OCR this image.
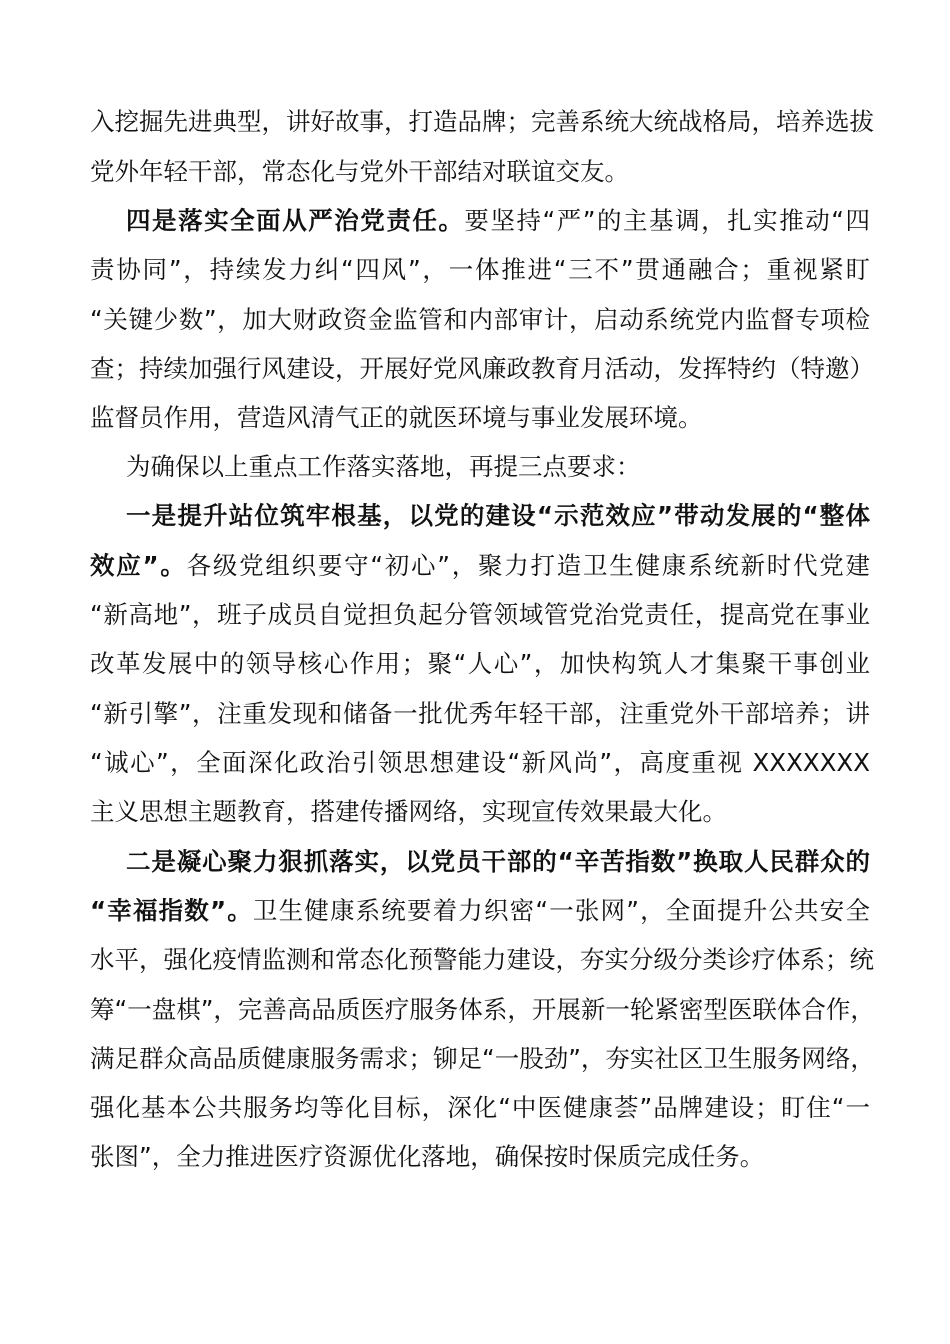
入挖掘先进典型，讲好故事，打造品牌；完善系统大统战格局，培养选拔
党外年轻干部，常态化与党外干部结对联谊交友。
四是落实全面从严治党责任。要坚持“严”的主基调，扎实推动“四
责协同”，持续发力纠“四风”，一体推进“三不”贯通融合；重视紧盯
“关键少数”，加大财政资金监管和内部审计，启动系统党内监督专项检
查；持续加强行风建设，开展好党风廉政教育月活动，发挥特约（特邀）
监督员作用，营造风清气正的就医环境与事业发展环境。
为确保以上重点工作落实落地，再提三点要求：
一是提升站位筑牢根基，以党的建设“示范效应”带动发展的“整体
效应”。各级党组织要守“初心”，聚力打造卫生健康系统新时代党建
“新高地”，班子成员自觉担负起分管领域管党治党责任，提高党在事业
改革发展中的领导核心作用；聚“人心”，加快构筑人才集聚干事创业
“新引擎”，注重发现和储备一批优秀年轻干部，注重党外干部培养；讲
“诚心”，全面深化政治引领思想建设“新风尚”，高度重视 XXXXXXX
主义思想主题教育，搭建传播网络，实现宣传效果最大化。
二是凝心聚力狠抓落实，以党员干部的“辛苦指数”换取人民群众的
“幸福指数”。卫生健康系统要着力织密“一张网”，全面提升公共安全
水平，强化疫情监测和常态化预警能力建设，夯实分级分类诊疗体系；统
筹“一盘棋”，完善高品质医疗服务体系，开展新一轮紧密型医联体合作，
满足群众高品质健康服务需求；铆足“一股劲”，夯实社区卫生服务网络，
强化基本公共服务均等化目标，深化“中医健康荟”品牌建设；盯住“一
张图”，全力推进医疗资源优化落地，确保按时保质完成任务。
